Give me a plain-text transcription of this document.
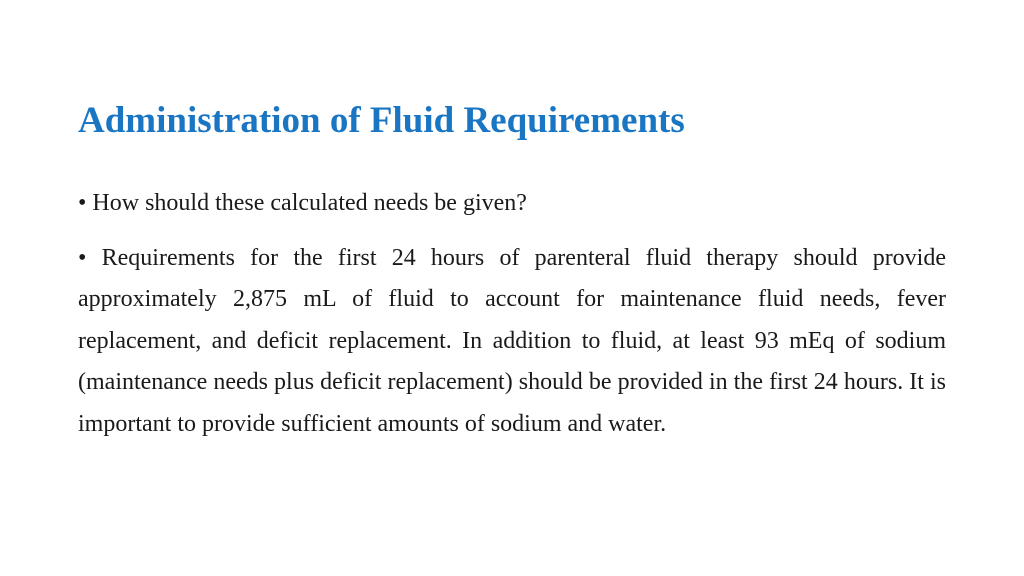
Administration of Fluid Requirements
• How should these calculated needs be given?
• Requirements for the first 24 hours of parenteral fluid therapy should provide approximately 2,875 mL of fluid to account for maintenance fluid needs, fever replacement, and deficit replacement. In addition to fluid, at least 93 mEq of sodium (maintenance needs plus deficit replacement) should be provided in the first 24 hours. It is important to provide sufficient amounts of sodium and water.
